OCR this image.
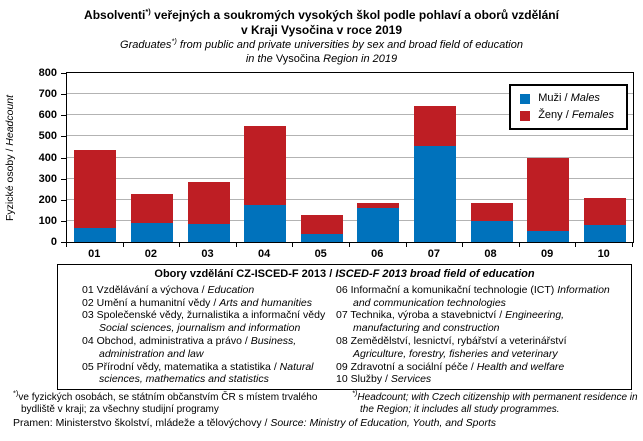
Absolventi*) veřejných a soukromých vysokých škol podle pohlaví a oborů vzdělání
v Kraji Vysočina v roce 2019
Graduates*) from public and private universities by sex and broad field of education
in the Vysočina Region in 2019
Fyzické osoby / Headcount
0
100
200
300
400
500
600
700
800
Muži / Males
Ženy / Females
01	02	03	04	05	06	07	08	09	10
Obory vzdělání CZ-ISCED-F 2013 / ISCED-F 2013 broad field of education
01 Vzdělávání a výchova / Education
02 Umění a humanitní vědy / Arts and humanities
03 Společenské vědy, žurnalistika a informační vědy Social sciences, journalism and information
04 Obchod, administrativa a právo / Business, administration and law
05 Přírodní vědy, matematika a statistika / Natural sciences, mathematics and statistics
06 Informační a komunikační technologie (ICT) Information and communication technologies
07 Technika, výroba a stavebnictví / Engineering, manufacturing and construction
08 Zemědělství, lesnictví, rybářství a veterinářství Agriculture, forestry, fisheries and veterinary
09 Zdravotní a sociální péče / Health and welfare
10 Služby / Services
*)ve fyzických osobách, se státním občanstvím ČR s místem trvalého bydliště v kraji; za všechny studijní programy
*)Headcount; with Czech citizenship with permanent residence in the Region; it includes all study programmes.
Pramen: Ministerstvo školství, mládeže a tělovýchovy / Source: Ministry of Education, Youth, and Sports
